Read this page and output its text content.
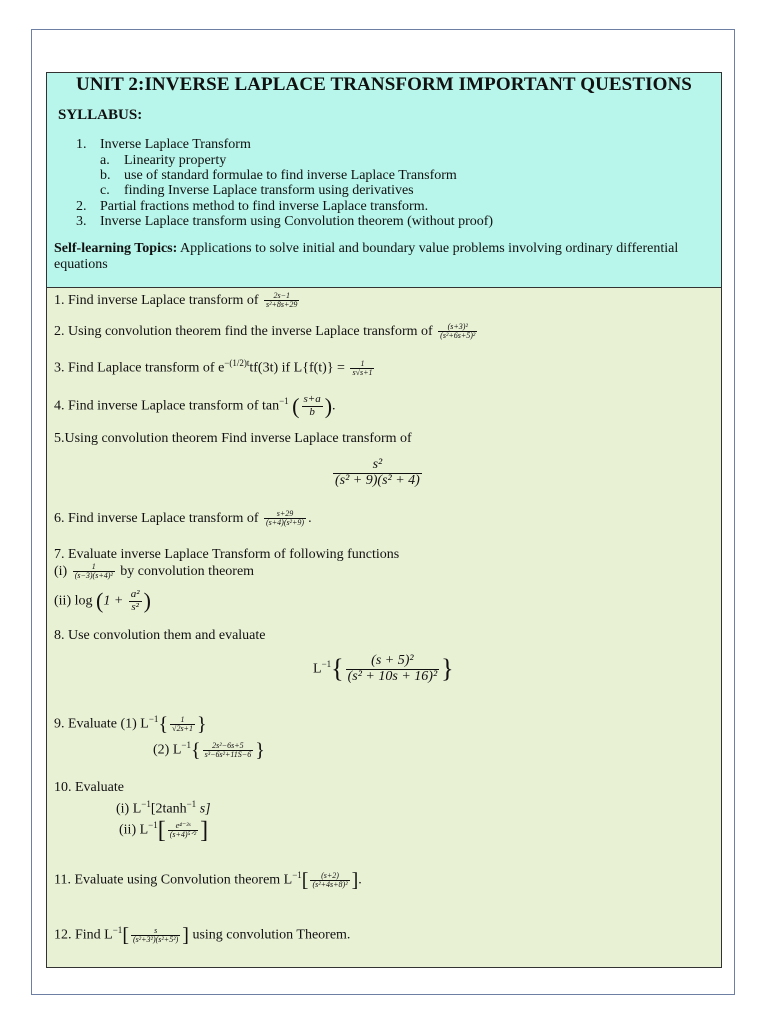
UNIT 2:INVERSE LAPLACE TRANSFORM IMPORTANT QUESTIONS
SYLLABUS:
1. Inverse Laplace Transform
a. Linearity property
b. use of standard formulae to find inverse Laplace Transform
c. finding Inverse Laplace transform using derivatives
2. Partial fractions method to find inverse Laplace transform.
3. Inverse Laplace transform using Convolution theorem (without proof)
Self-learning Topics: Applications to solve initial and boundary value problems involving ordinary differential equations
1. Find inverse Laplace transform of $\frac{2s-1}{\text{s²+8s+29}}$
2. Using convolution theorem find the inverse Laplace transform of $\frac{\text{(s+3)²}}{\text{(s²+6s+5)²}}$
3. Find Laplace transform of $e^{-(1/2)t}tf(3t)$ if $L\{f(t)\} = \frac{1}{s√s+1}$
4. Find inverse Laplace transform of $\tan^{-1}$ ( $\frac{s+a}{b}$ ).
5.Using convolution theorem Find inverse Laplace transform of
$\frac{\text{s²}}{\text{(s² + 9)(s² + 4)}}$
6. Find inverse Laplace transform of $\frac{s+29}{\text{(s+4)(s²+9)}}$ .
7. Evaluate inverse Laplace Transform of following functions
$(i) \frac{1}{\text{(s−3)(s+4)²}}$ by convolution theorem
(ii) $\log (1 + \frac{\text{a²}}{\text{s²}}$ )
8. Use convolution them and evaluate
$L^{-1}\{ \frac{\text{(s + 5)²}}{\text{(s² + 10s + 16)²}}$ }
9. Evaluate (1) $L^{-1}\{ \frac{1}{√2s+1}$ }
(2) $L^{-1}\{ \frac{\text{2s²−6s+5}}{\text{s³−6s²+11S−6}}$ }
10. Evaluate
(i) $L^{-1}[2\tanh^{-1}$ s]
(ii) $L^{-1}[ \frac{\text{e⁴⁻³ˢ}}{\text{(s+4)⁵ᐟ²}}$ ]
11. Evaluate using Convolution theorem $L^{-1}[ \frac{(s+2)}{\text{(s²+4s+8)²}}$ ].
12. Find $L^{-1}[ \frac{s}{\text{(s²+3²)(s²+5²)}}$ ] using convolution Theorem.
